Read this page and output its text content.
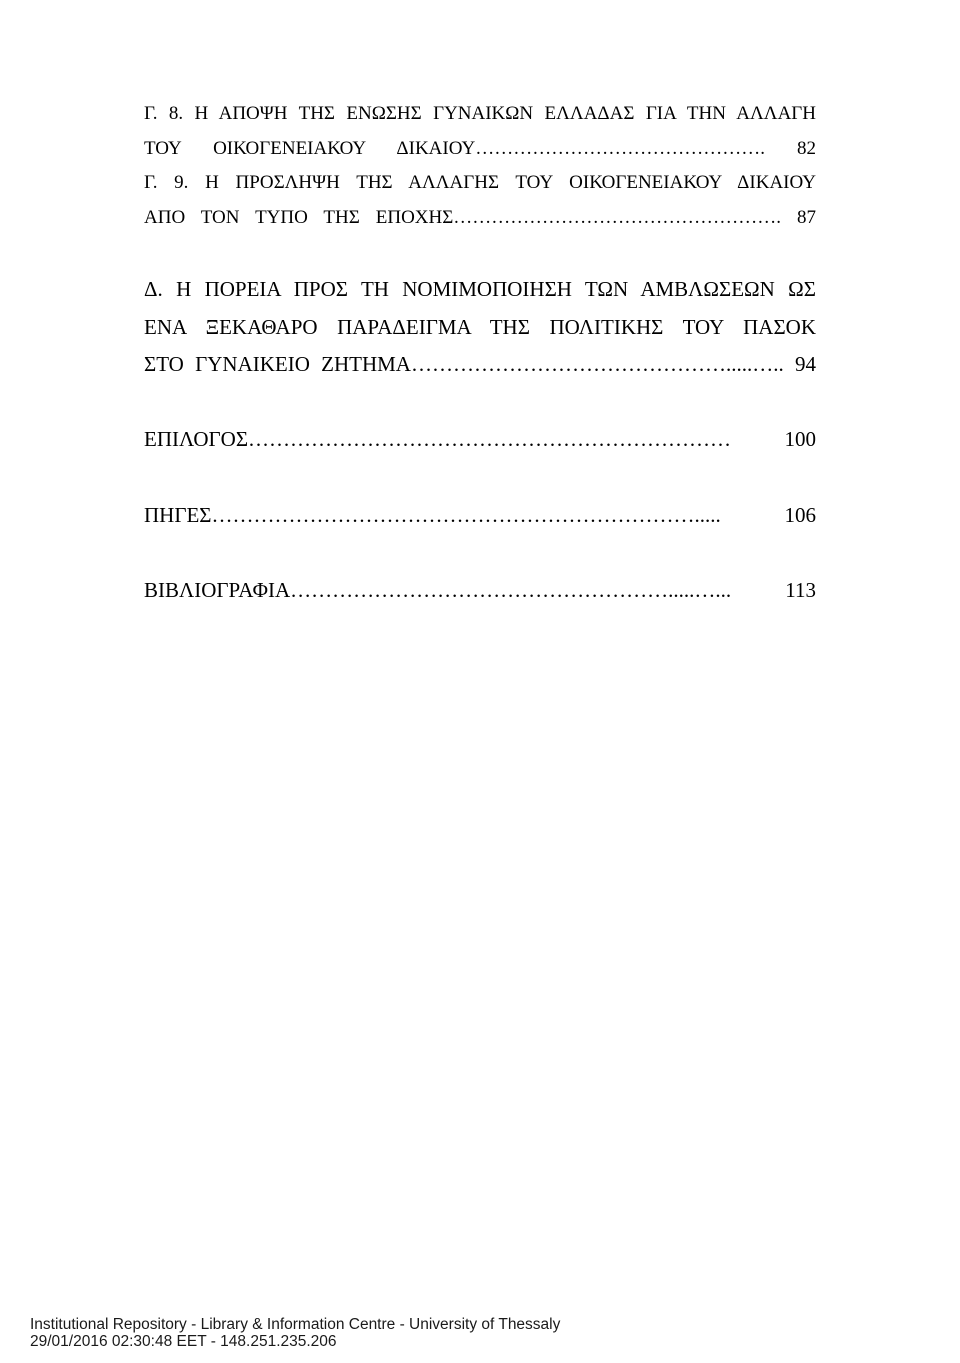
Γ. 8. Η ΑΠΟΨΗ ΤΗΣ ΕΝΩΣΗΣ ΓΥΝΑΙΚΩΝ ΕΛΛΑΔΑΣ ΓΙΑ ΤΗΝ ΑΛΛΑΓΗ
ΤΟΥ ΟΙΚΟΓΕΝΕΙΑΚΟΥ ΔΙΚΑΙΟΥ………………………………………. 82
Γ. 9. Η ΠΡΟΣΛΗΨΗ ΤΗΣ ΑΛΛΑΓΗΣ ΤΟΥ ΟΙΚΟΓΕΝΕΙΑΚΟΥ ΔΙΚΑΙΟΥ
ΑΠΟ ΤΟΝ ΤΥΠΟ ΤΗΣ ΕΠΟΧΗΣ……………………………………………. 87
Δ. Η ΠΟΡΕΙΑ ΠΡΟΣ ΤΗ ΝΟΜΙΜΟΠΟΙΗΣΗ ΤΩΝ ΑΜΒΛΩΣΕΩΝ ΩΣ
ΕΝΑ ΞΕΚΑΘΑΡΟ ΠΑΡΑΔΕΙΓΜΑ ΤΗΣ ΠΟΛΙΤΙΚΗΣ ΤΟΥ ΠΑΣΟΚ
ΣΤΟ ΓΥΝΑΙΚΕΙΟ ΖΗΤΗΜΑ……………………………………….....….. 94
ΕΠΙΛΟΓΟΣ…………………………………………………………… 100
ΠΗΓΕΣ……………………………………………………………..... 106
ΒΙΒΛΙΟΓΡΑΦΙΑ……………………………………………….....…... 113
Institutional Repository - Library & Information Centre - University of Thessaly
29/01/2016 02:30:48 EET - 148.251.235.206
